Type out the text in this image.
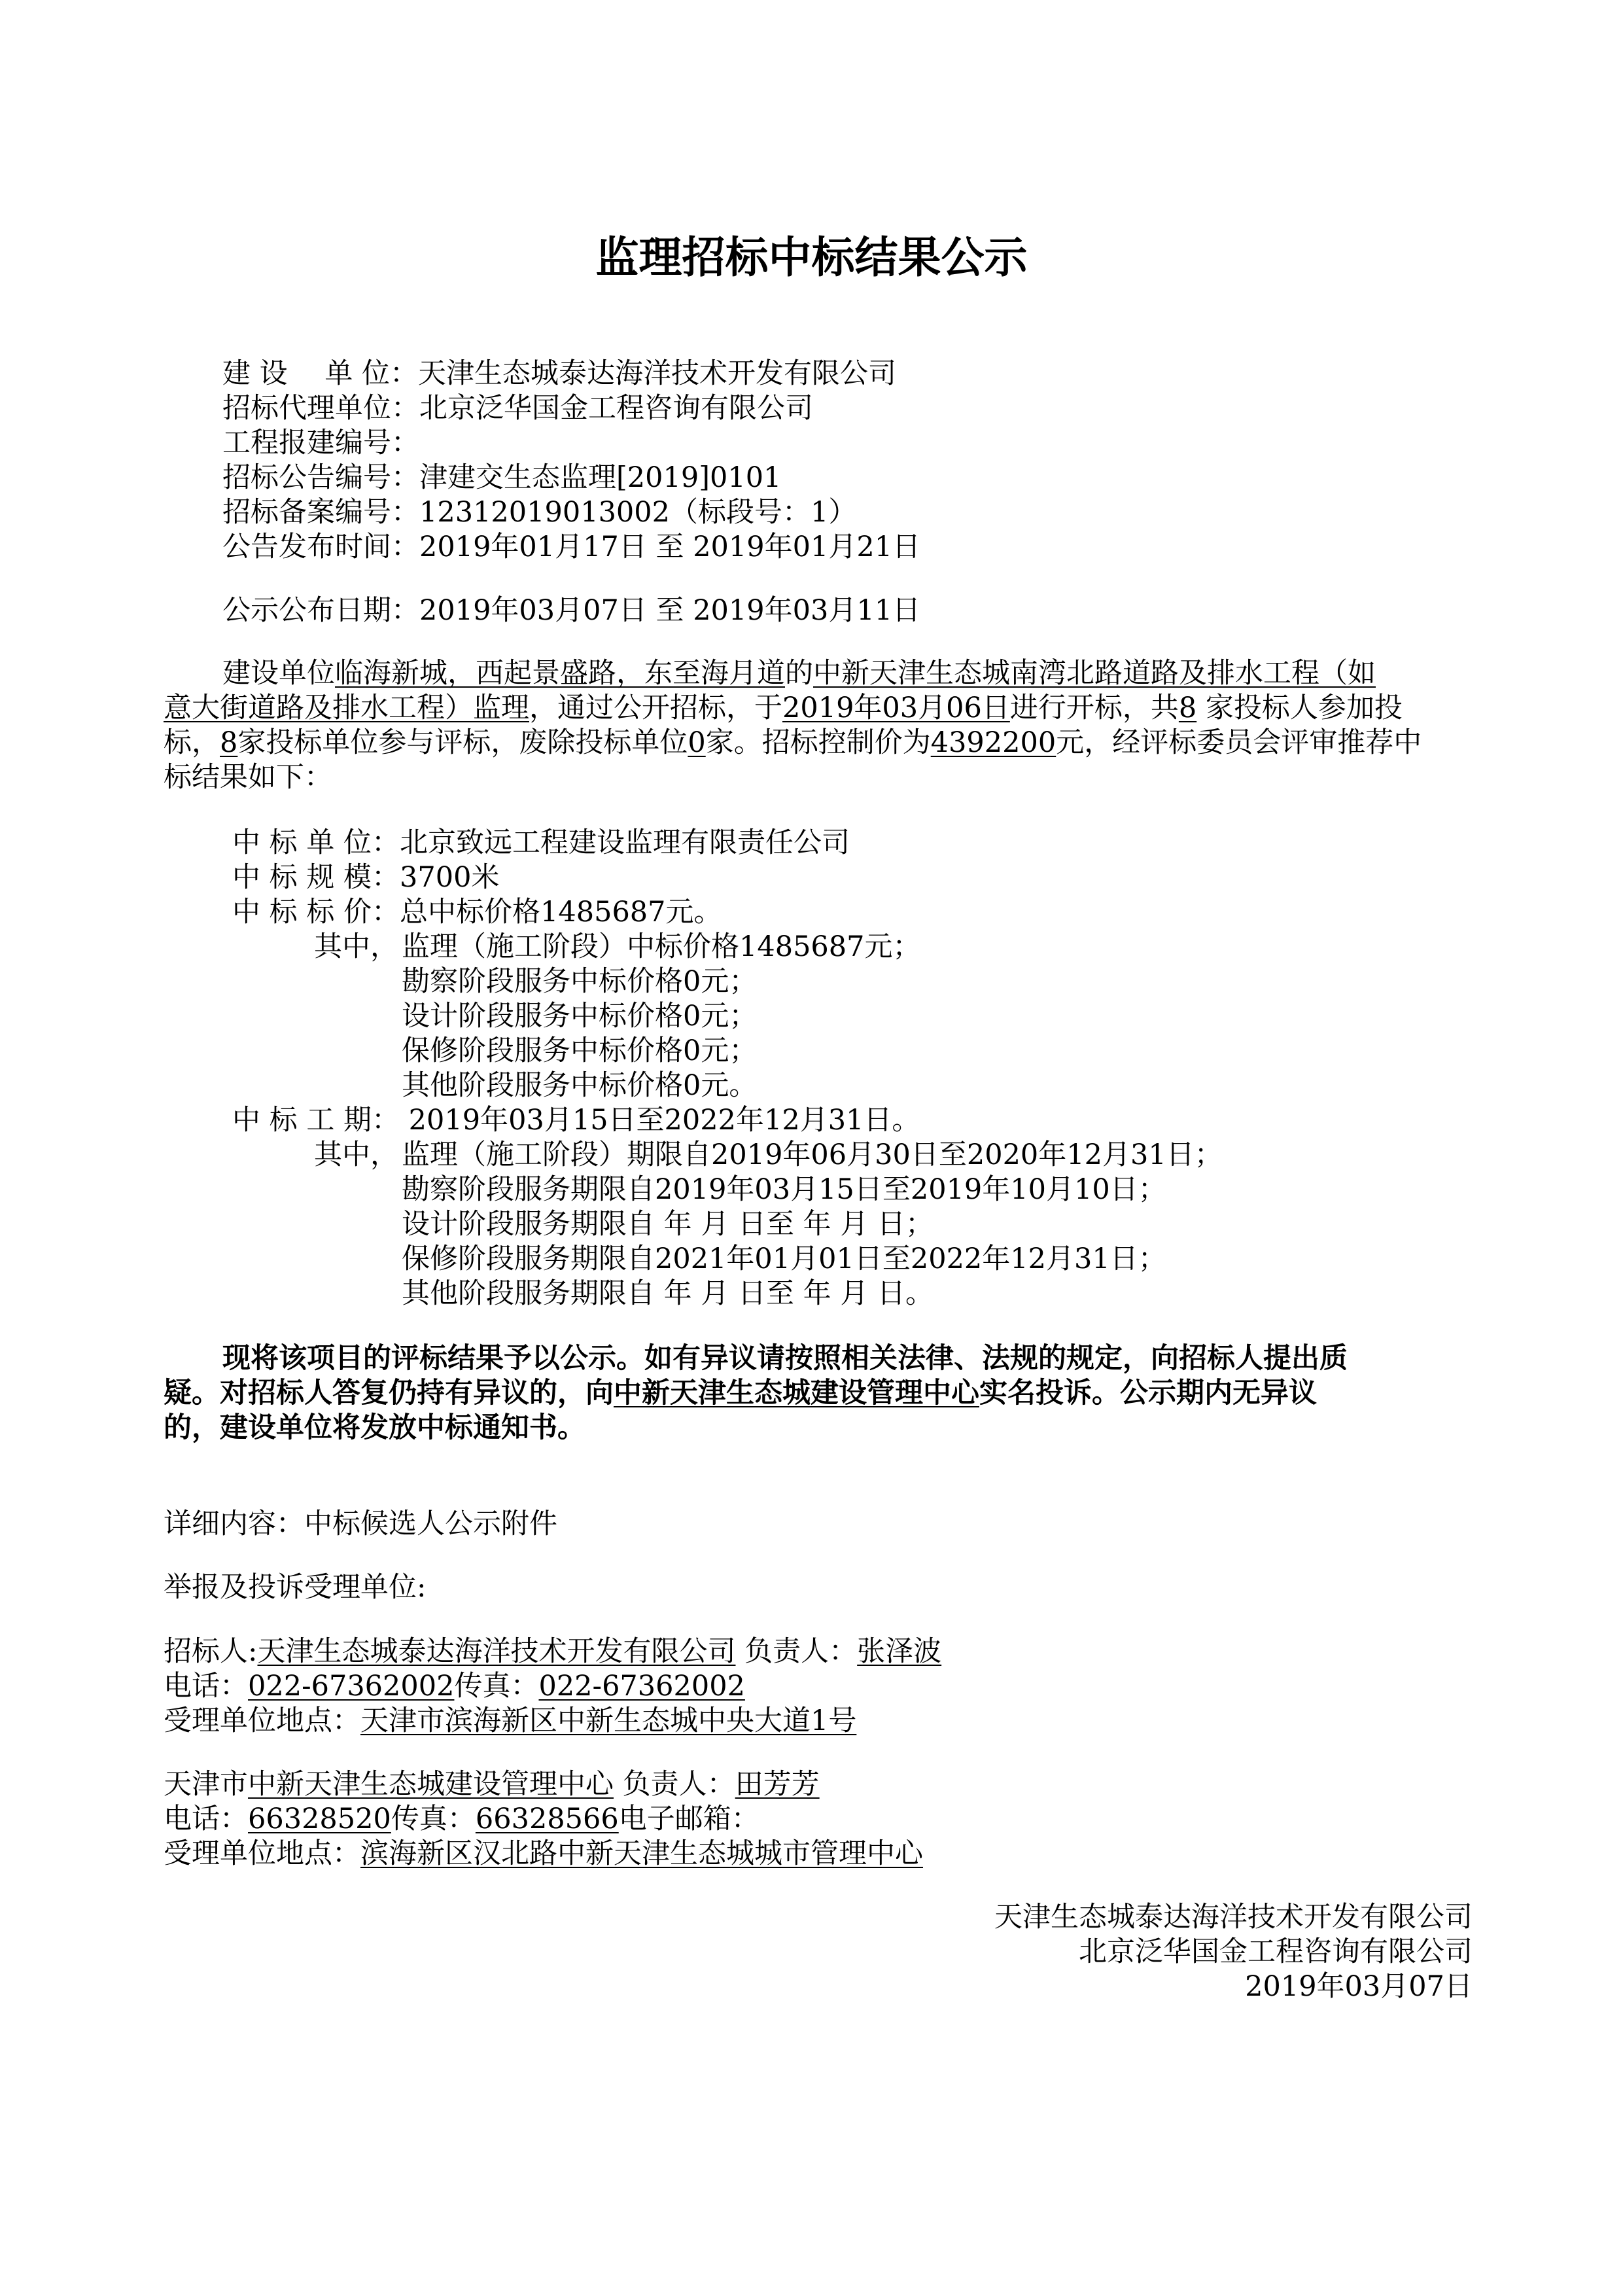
监理招标中标结果公示
建 设　 单 位：天津生态城泰达海洋技术开发有限公司
招标代理单位：北京泛华国金工程咨询有限公司
工程报建编号：
招标公告编号：津建交生态监理[2019]0101
招标备案编号：12312019013002（标段号：1）
公告发布时间：2019年01月17日 至 2019年01月21日
公示公布日期：2019年03月07日 至 2019年03月11日
建设单位临海新城，西起景盛路，东至海月道的中新天津生态城南湾北路道路及排水工程（如
意大街道路及排水工程）监理，通过公开招标，于2019年03月06日进行开标，共8 家投标人参加投
标，8家投标单位参与评标，废除投标单位0家。招标控制价为4392200元，经评标委员会评审推荐中
标结果如下：
中 标 单 位：北京致远工程建设监理有限责任公司
中 标 规 模：3700米
中 标 标 价：总中标价格1485687元。
其中， 监理（施工阶段）中标价格1485687元；
勘察阶段服务中标价格0元；
设计阶段服务中标价格0元；
保修阶段服务中标价格0元；
其他阶段服务中标价格0元。
中 标 工 期： 2019年03月15日至2022年12月31日。
其中， 监理（施工阶段）期限自2019年06月30日至2020年12月31日；
勘察阶段服务期限自2019年03月15日至2019年10月10日；
设计阶段服务期限自 年 月 日至 年 月 日；
保修阶段服务期限自2021年01月01日至2022年12月31日；
其他阶段服务期限自 年 月 日至 年 月 日。
现将该项目的评标结果予以公示。如有异议请按照相关法律、法规的规定，向招标人提出质
疑。对招标人答复仍持有异议的，向中新天津生态城建设管理中心实名投诉。公示期内无异议
的，建设单位将发放中标通知书。
详细内容：中标候选人公示附件
举报及投诉受理单位:
招标人:天津生态城泰达海洋技术开发有限公司 负责人：张泽波
电话：022-67362002传真：022-67362002
受理单位地点：天津市滨海新区中新生态城中央大道1号
天津市中新天津生态城建设管理中心 负责人：田芳芳
电话：66328520传真：66328566电子邮箱：
受理单位地点：滨海新区汉北路中新天津生态城城市管理中心
天津生态城泰达海洋技术开发有限公司
北京泛华国金工程咨询有限公司
2019年03月07日
